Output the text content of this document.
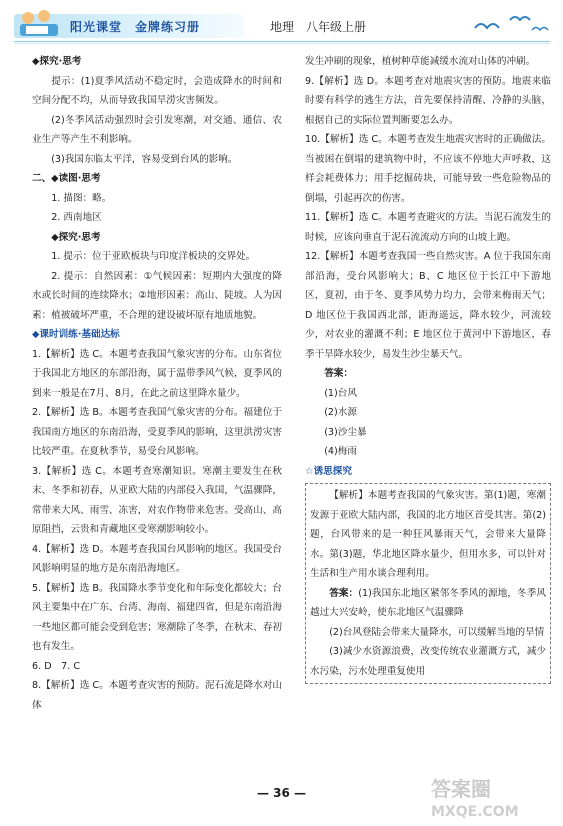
阳光课堂　金牌练习册	地理 八年级上册

◆探究·思考

提示：(1)夏季风活动不稳定时，会造成降水的时间和空间分配不均，从而导致我国旱涝灾害频发。

(2)冬季风活动强烈时会引发寒潮，对交通、通信、农业生产等产生不利影响。

(3)我国东临太平洋，容易受到台风的影响。

二、◆读图·思考

1. 描图：略。

2. 西南地区

◆探究·思考

1. 提示：位于亚欧板块与印度洋板块的交界处。

2. 提示：自然因素：①气候因素：短期内大强度的降水或长时间的连续降水；②地形因素：高山、陡坡。人为因素：植被破坏严重，不合理的建设破坏原有地质地貌。

◆课时训练·基础达标

1.【解析】选 C。本题考查我国气象灾害的分布。山东省位于我国北方地区的东部沿海，属于温带季风气候，夏季风的到来一般是在7月、8月，在此之前这里降水量少。

2.【解析】选 B。本题考查我国气象灾害的分布。福建位于我国南方地区的东南沿海，受夏季风的影响，这里洪涝灾害比较严重。在夏秋季节，易受台风影响。

3.【解析】选 C。本题考查寒潮知识。寒潮主要发生在秋末、冬季和初春，从亚欧大陆的内部侵入我国，气温骤降，常带来大风、雨雪、冻害，对农作物带来危害。受高山、高原阻挡，云贵和青藏地区受寒潮影响较小。

4.【解析】选 D。本题考查我国台风影响的地区。我国受台风影响明显的地方是东南沿海地区。

5.【解析】选 B。我国降水季节变化和年际变化都较大；台风主要集中在广东、台湾、海南、福建四省，但是东南沿海一些地区都可能会受到危害；寒潮除了冬季，在秋末、春初也有发生。

6. D　7. C

8.【解析】选 C。本题考查灾害的预防。泥石流是降水对山体

发生冲刷的现象，植树种草能减缓水流对山体的冲刷。

9.【解析】选 D。本题考查对地震灾害的预防。地震来临时要有科学的逃生方法，首先要保持清醒、冷静的头脑，根据自己的实际位置判断要怎么办。

10.【解析】选 C。本题考查发生地震灾害时的正确做法。当被困在倒塌的建筑物中时，不应该不停地大声呼救，这样会耗费体力；用手挖掘砖块，可能导致一些危险物品的倒塌，引起再次的伤害。

11.【解析】选 C。本题考查避灾的方法。当泥石流发生的时候，应该向垂直于泥石流流动方向的山坡上跑。

12.【解析】本题考查我国一些自然灾害。A 位于我国东南部沿海，受台风影响大；B、C 地区位于长江中下游地区，夏初，由于冬、夏季风势力均力，会带来梅雨天气；D 地区位于我国西北部，距海遥远，降水较少，河流较少，对农业的灌溉不利；E 地区位于黄河中下游地区，春季干旱降水较少，易发生沙尘暴天气。

答案：

(1)台风

(2)水源

(3)沙尘暴

(4)梅雨

☆诱思探究

【解析】本题考查我国的气象灾害。第(1)题，寒潮发源于亚欧大陆内部，我国的北方地区首受其害。第(2)题，台风带来的是一种狂风暴雨天气，会带来大量降水。第(3)题，华北地区降水量少，但用水多，可以针对生活和生产用水谈合理利用。

答案：(1)我国东北地区紧邻冬季风的源地，冬季风越过大兴安岭，使东北地区气温骤降

(2)台风登陆会带来大量降水，可以缓解当地的旱情

(3)减少水资源浪费，改变传统农业灌溉方式，减少水污染，污水处理重复使用

— 36 —	答案圈
MXQE.COM
